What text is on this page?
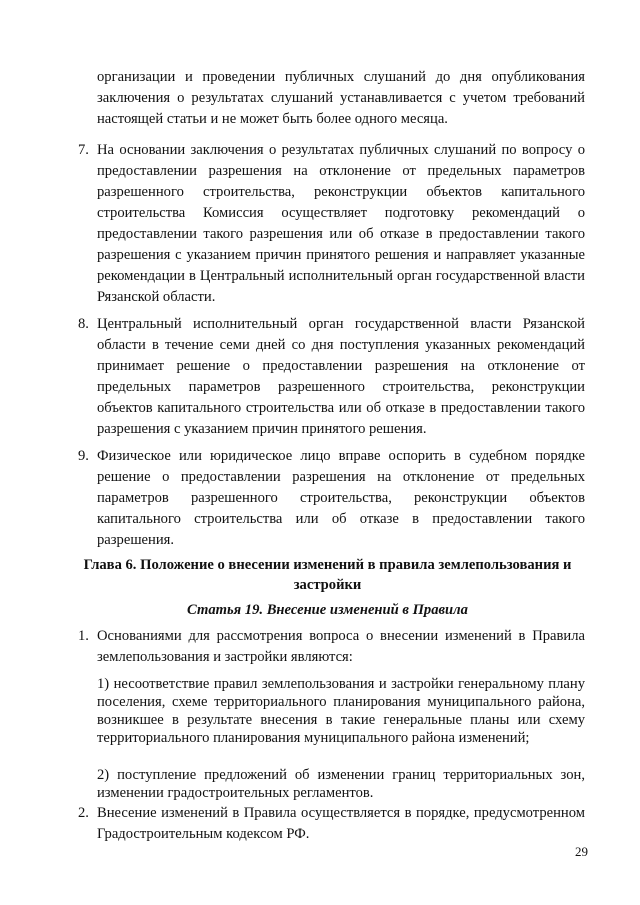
организации и проведении публичных слушаний до дня опубликования заключения о результатах слушаний устанавливается с учетом требований настоящей статьи и не может быть более одного месяца.

7. На основании заключения о результатах публичных слушаний по вопросу о предоставлении разрешения на отклонение от предельных параметров разрешенного строительства, реконструкции объектов капитального строительства Комиссия осуществляет подготовку рекомендаций о предоставлении такого разрешения или об отказе в предоставлении такого разрешения с указанием причин принятого решения и направляет указанные рекомендации в Центральный исполнительный орган государственной власти Рязанской области.
8. Центральный исполнительный орган государственной власти Рязанской области в течение семи дней со дня поступления указанных рекомендаций принимает решение о предоставлении разрешения на отклонение от предельных параметров разрешенного строительства, реконструкции объектов капитального строительства или об отказе в предоставлении такого разрешения с указанием причин принятого решения.
9. Физическое или юридическое лицо вправе оспорить в судебном порядке решение о предоставлении разрешения на отклонение от предельных параметров разрешенного строительства, реконструкции объектов капитального строительства или об отказе в предоставлении такого разрешения.
Глава 6. Положение о внесении изменений в правила землепользования и застройки
Статья 19. Внесение изменений в Правила
1. Основаниями для рассмотрения вопроса о внесении изменений в Правила землепользования и застройки являются:

1) несоответствие правил землепользования и застройки генеральному плану поселения, схеме территориального планирования муниципального района, возникшее в результате внесения в такие генеральные планы или схему территориального планирования муниципального района изменений;

2) поступление предложений об изменении границ территориальных зон, изменении градостроительных регламентов.

2. Внесение изменений в Правила осуществляется в порядке, предусмотренном Градостроительным кодексом РФ.
29
